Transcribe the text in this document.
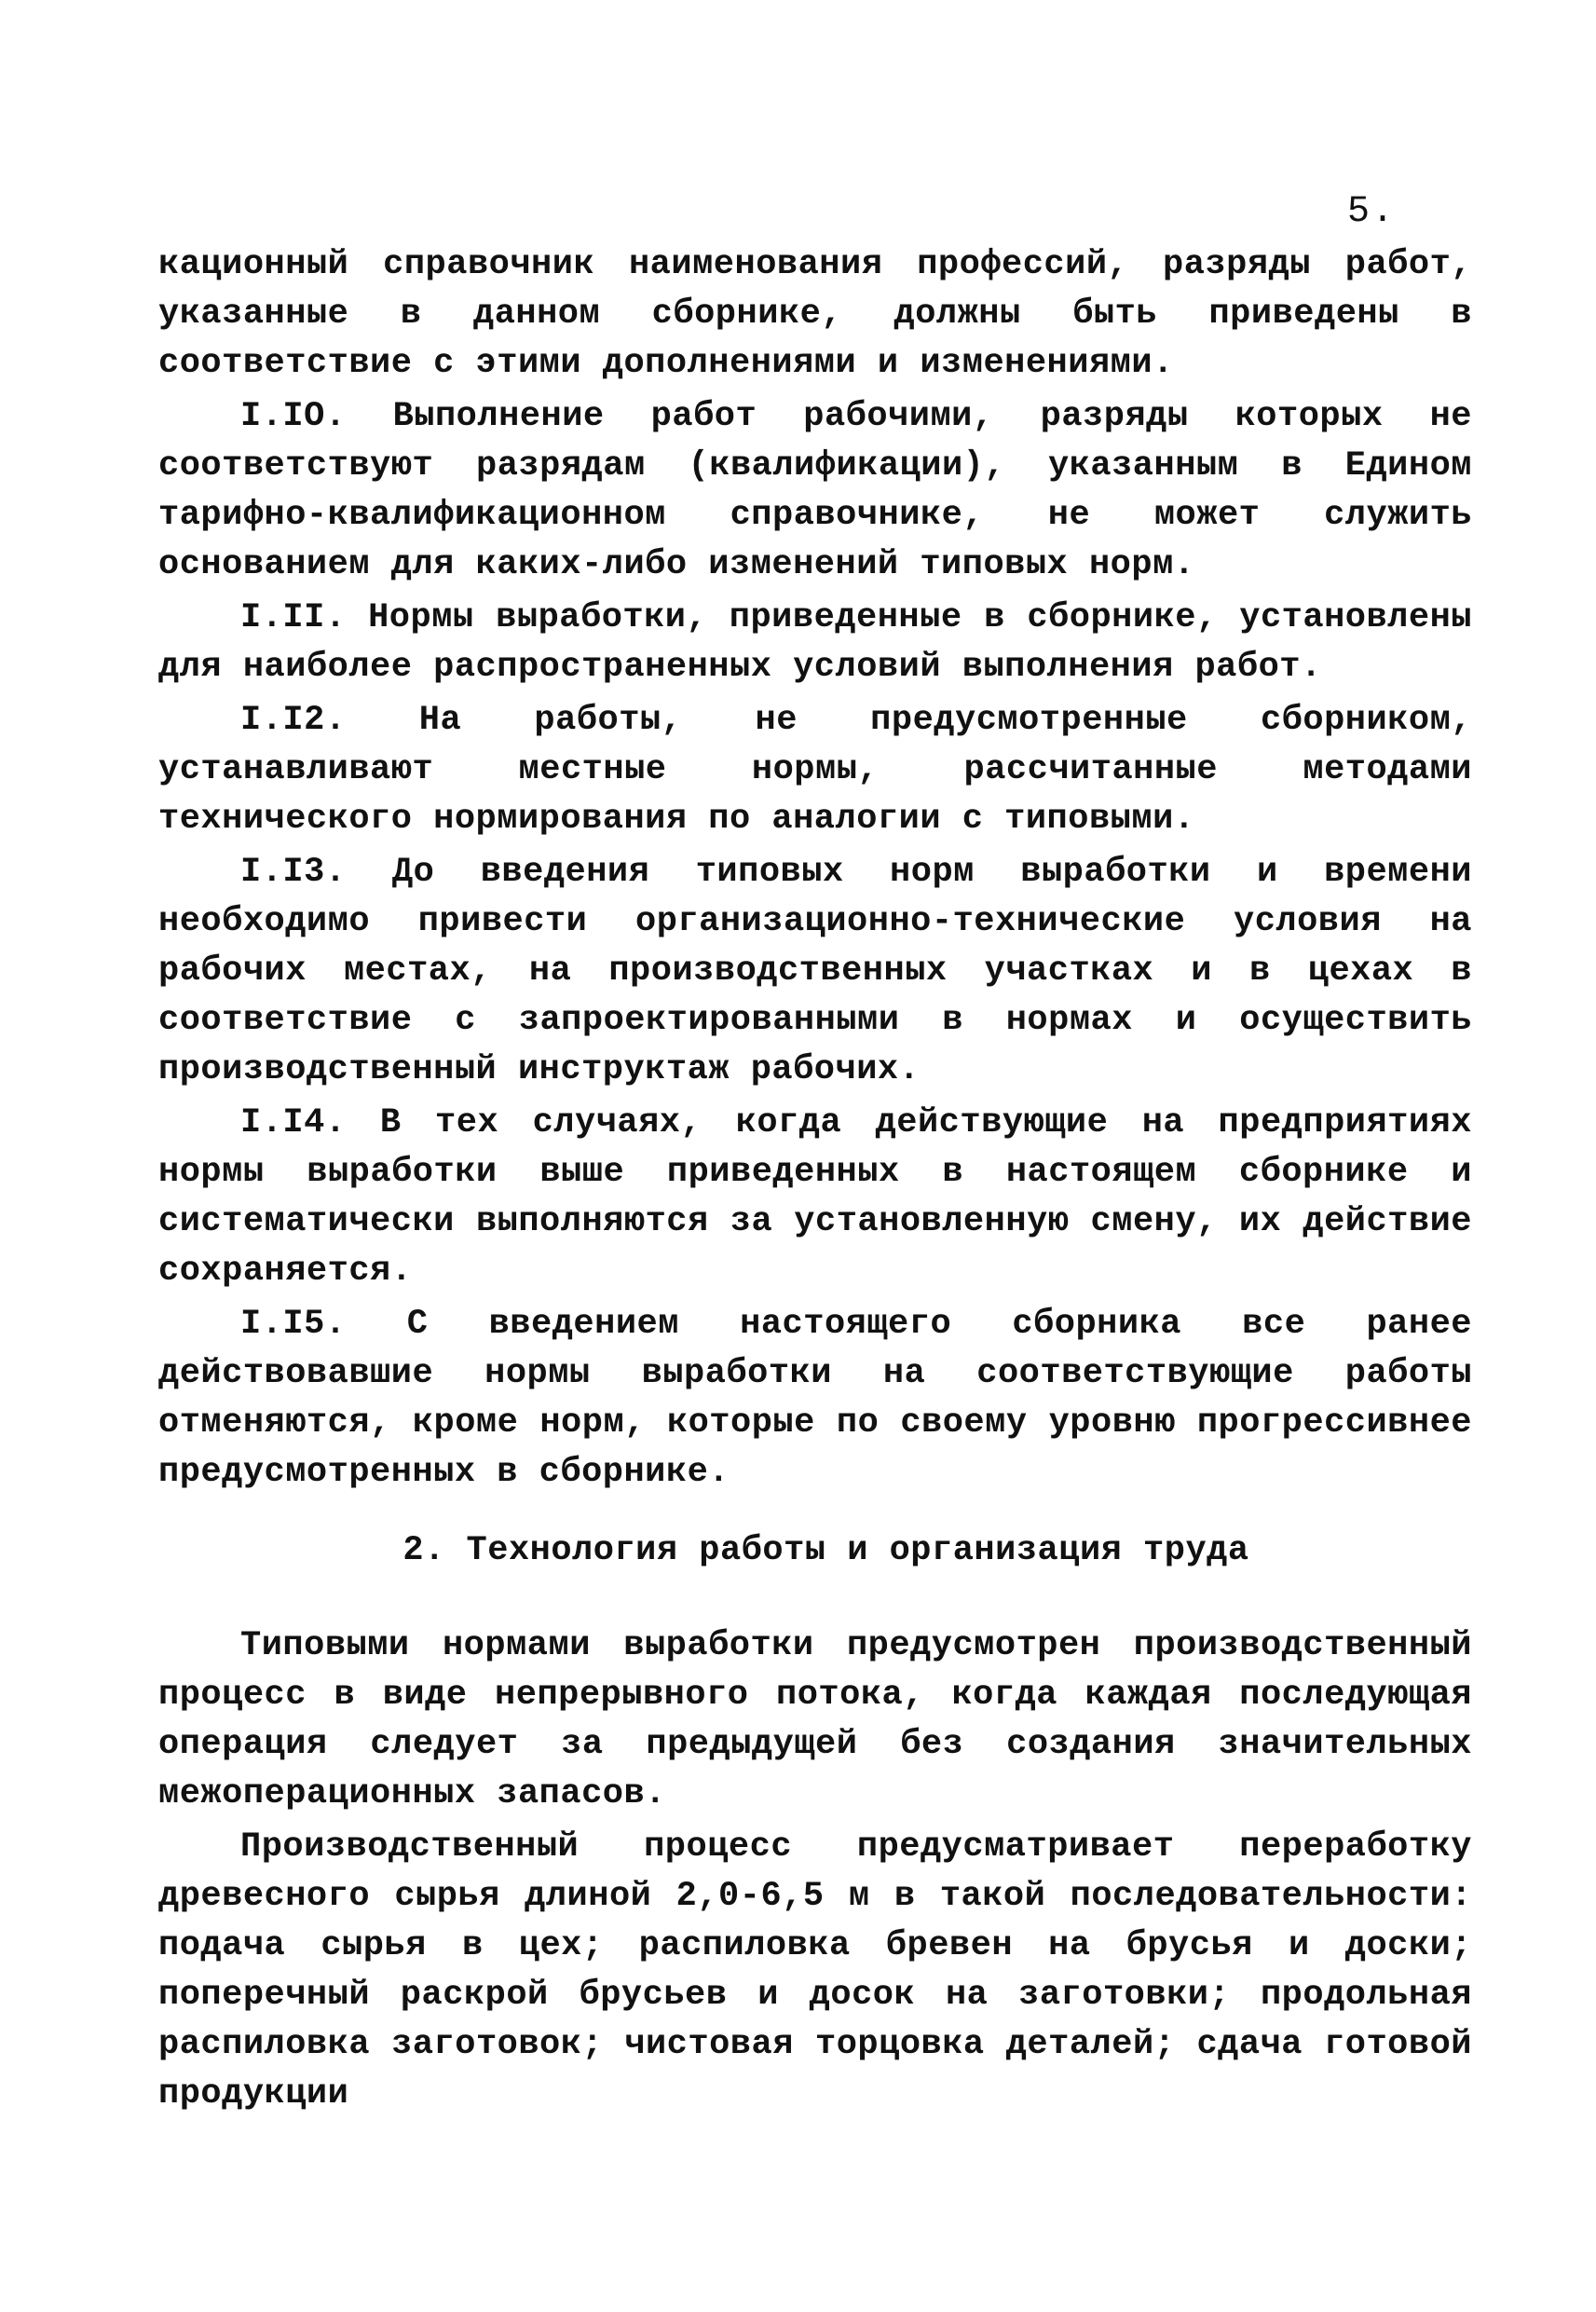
5.

кационный справочник наименования профессий, разряды работ, указанные в данном сборнике, должны быть приведены в соответствие с этими дополнениями и изменениями.

I.IO. Выполнение работ рабочими, разряды которых не соответствуют разрядам (квалификации), указанным в Едином тарифно-квалификационном справочнике, не может служить основанием для каких-либо изменений типовых норм.

I.II. Нормы выработки, приведенные в сборнике, установлены для наиболее распространенных условий выполнения работ.

I.I2. На работы, не предусмотренные сборником, устанавливают местные нормы, рассчитанные методами технического нормирования по аналогии с типовыми.

I.I3. До введения типовых норм выработки и времени необходимо привести организационно-технические условия на рабочих местах, на производственных участках и в цехах в соответствие с запроектированными в нормах и осуществить производственный инструктаж рабочих.

I.I4. В тех случаях, когда действующие на предприятиях нормы выработки выше приведенных в настоящем сборнике и систематически выполняются за установленную смену, их действие сохраняется.

I.I5. С введением настоящего сборника все ранее действовавшие нормы выработки на соответствующие работы отменяются, кроме норм, которые по своему уровню прогрессивнее предусмотренных в сборнике.

2. Технология работы и организация труда

Типовыми нормами выработки предусмотрен производственный процесс в виде непрерывного потока, когда каждая последующая операция следует за предыдущей без создания значительных межоперационных запасов.

Производственный процесс предусматривает переработку древесного сырья длиной 2,0-6,5 м в такой последовательности: подача сырья в цех; распиловка бревен на брусья и доски; поперечный раскрой брусьев и досок на заготовки; продольная распиловка заготовок; чистовая торцовка деталей; сдача готовой продукции
